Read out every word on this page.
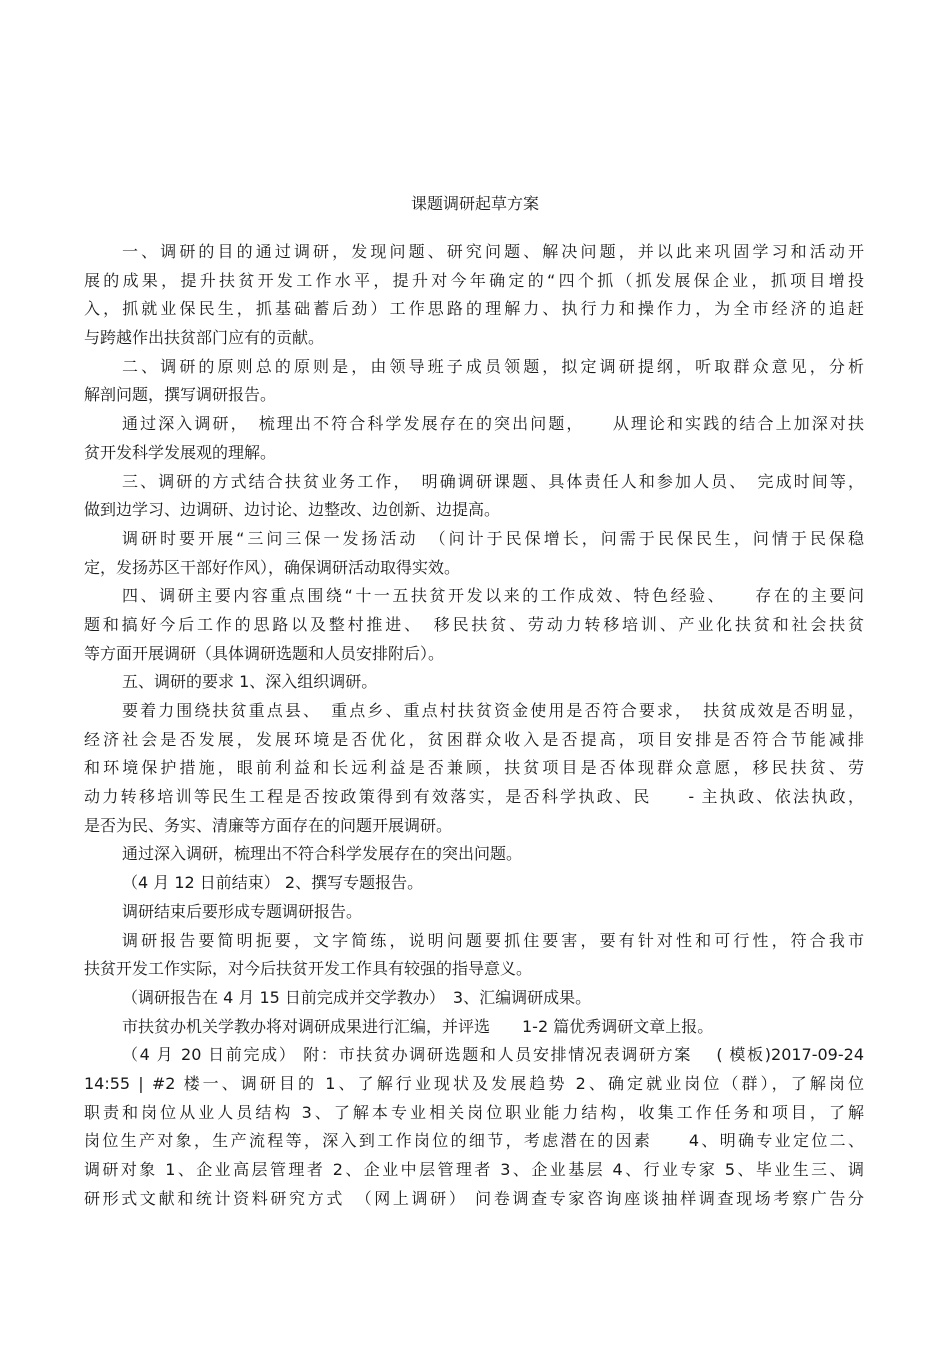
课题调研起草方案
一、调研的目的通过调研，发现问题、研究问题、解决问题，并以此来巩固学习和活动开
展的成果，提升扶贫开发工作水平，提升对今年确定的“四个抓（抓发展保企业，抓项目增投
入，抓就业保民生，抓基础蓄后劲）工作思路的理解力、执行力和操作力，为全市经济的追赶
与跨越作出扶贫部门应有的贡献。
二、调研的原则总的原则是，由领导班子成员领题，拟定调研提纲，听取群众意见，分析
解剖问题，撰写调研报告。
通过深入调研，　梳理出不符合科学发展存在的突出问题，　　从理论和实践的结合上加深对扶
贫开发科学发展观的理解。
三、调研的方式结合扶贫业务工作，　明确调研课题、具体责任人和参加人员、　完成时间等，
做到边学习、边调研、边讨论、边整改、边创新、边提高。
调研时要开展“三问三保一发扬活动　（问计于民保增长，问需于民保民生，问情于民保稳
定，发扬苏区干部好作风），确保调研活动取得实效。
四、调研主要内容重点围绕“十一五扶贫开发以来的工作成效、特色经验、　　存在的主要问
题和搞好今后工作的思路以及整村推进、　移民扶贫、劳动力转移培训、产业化扶贫和社会扶贫
等方面开展调研（具体调研选题和人员安排附后）。
五、调研的要求 1、深入组织调研。
要着力围绕扶贫重点县、　重点乡、重点村扶贫资金使用是否符合要求，　扶贫成效是否明显，
经济社会是否发展，发展环境是否优化，贫困群众收入是否提高，项目安排是否符合节能减排
和环境保护措施，眼前利益和长远利益是否兼顾，扶贫项目是否体现群众意愿，移民扶贫、劳
动力转移培训等民生工程是否按政策得到有效落实，是否科学执政、民　　- 主执政、依法执政，
是否为民、务实、清廉等方面存在的问题开展调研。
通过深入调研，梳理出不符合科学发展存在的突出问题。
（4 月 12 日前结束） 2、撰写专题报告。
调研结束后要形成专题调研报告。
调研报告要简明扼要，文字简练，说明问题要抓住要害，要有针对性和可行性，符合我市
扶贫开发工作实际，对今后扶贫开发工作具有较强的指导意义。
（调研报告在 4 月 15 日前完成并交学教办）　3、汇编调研成果。
市扶贫办机关学教办将对调研成果进行汇编，并评选　　1-2 篇优秀调研文章上报。
（4 月 20 日前完成） 附：市扶贫办调研选题和人员安排情况表调研方案　 ( 模板)2017-09-24
14:55 | #2 楼一、调研目的 1、了解行业现状及发展趋势 2、确定就业岗位（群），了解岗位
职责和岗位从业人员结构 3、了解本专业相关岗位职业能力结构，收集工作任务和项目，了解
岗位生产对象，生产流程等，深入到工作岗位的细节，考虑潜在的因素　　4、明确专业定位二、
调研对象 1、企业高层管理者 2、企业中层管理者 3、企业基层 4、行业专家 5、毕业生三、调
研形式文献和统计资料研究方式　（网上调研） 问卷调查专家咨询座谈抽样调查现场考察广告分
